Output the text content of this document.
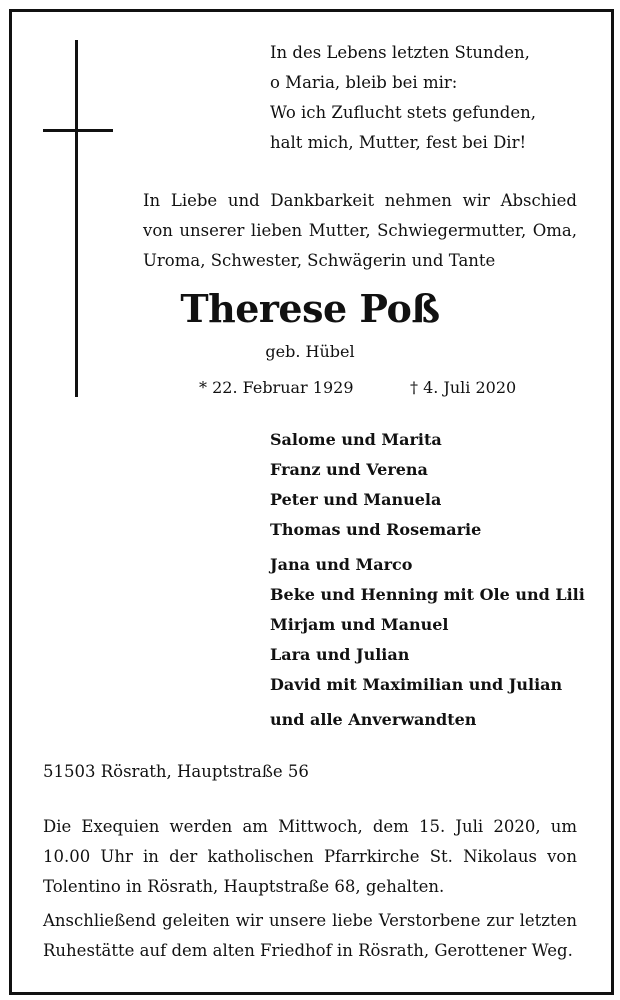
In des Lebens letzten Stunden,
o Maria, bleib bei mir:
Wo ich Zuflucht stets gefunden,
halt mich, Mutter, fest bei Dir!
In Liebe und Dankbarkeit nehmen wir Abschied von unserer lieben Mutter, Schwiegermutter, Oma, Uroma, Schwester, Schwägerin und Tante
Therese Poß
geb. Hübel
* 22. Februar 1929	† 4. Juli 2020
Salome und Marita
Franz und Verena
Peter und Manuela
Thomas und Rosemarie
Jana und Marco
Beke und Henning mit Ole und Lili
Mirjam und Manuel
Lara und Julian
David mit Maximilian und Julian
und alle Anverwandten
51503 Rösrath, Hauptstraße 56
Die Exequien werden am Mittwoch, dem 15. Juli 2020, um 10.00 Uhr in der katholischen Pfarrkirche St. Nikolaus von Tolentino in Rösrath, Hauptstraße 68, gehalten.
Anschließend geleiten wir unsere liebe Verstorbene zur letzten Ruhestätte auf dem alten Friedhof in Rösrath, Gerottener Weg.
